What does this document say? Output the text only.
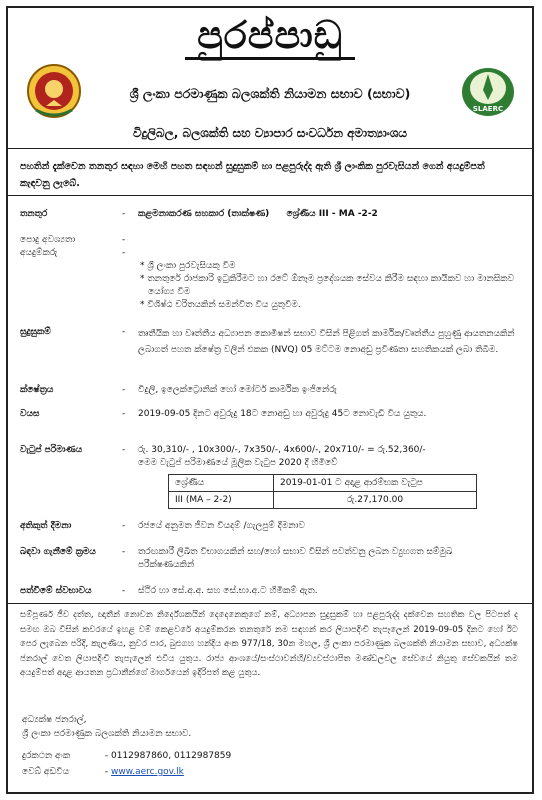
පුරප්පාඩු
ශ්‍රී ලංකා පරමාණුක බලශක්ති නියාමන සභාව (සභාව)
SLAERC
විදුලිබල, බලශක්ති සහ ව්‍යාපාර සංවර්ධන අමාත්‍යාංශය
පහතින් දැක්වෙන තනතුර සඳහා මෙහි පහත සඳහන් සුදුසුකම් හා පළපුරුද්ද ඇති ශ්‍රී ලාංකික පුරවැසියන් ගෙන් අයදුම්පත් කැඳවනු ලැබේ.
තනතුර	- කළමනාකරණ සහකාර (තාක්ෂණ) ශ්‍රේණිය III - MA -2-2
පොදු අවශ්‍යතා	-
අයදුම්කරු	-
* ශ්‍රී ලංකා පුරවැසියකු වීම
* තනතුරේ රාජකාරි ඉටුකිරීමට හා රටේ ඕනෑම ප්‍රදේශයක සේවය කිරීම සඳහා කායිකව හා මානසිකව යෝග්‍ය වීම
* විශිෂ්ඨ චරිතයකින් සමන්විත විය යුතුවීම.
සුදුසුකම්	- තෘතීයික හා වෘත්තීය අධ්‍යාපන කොමිෂන් සභාව විසින් පිළිගත් කාර්මික/වෘත්තීය පුහුණු ආයතනයකින් ලබාගත් පහත ක්ෂේත්‍ර වලින් එකක (NVQ) 05 මට්ටම නොඅඩු ප්‍රවීණතා සහතිකයක් ලබා තිබීම.
ක්ෂේත්‍රය	- විදුලි, ඉලෙක්ට්‍රොනික් හෝ මෝටර් කාර්මික ඉංජිනේරු
වයස	- 2019-09-05 දිනට අවුරුදු 18ට නොඅඩු හා අවුරුදු 45ට නොවැඩි විය යුතුය.
වැටුප් පරිමාණය	- රු. 30,310/- , 10x300/-, 7x350/-, 4x600/-, 20x710/- = රු.52,360/-
මෙම වැටුප් පරිමාණයේ මූලික වැටුප 2020 දී හිමිවේ
ශ්‍රේණිය	2019-01-01 ට අදාළ ආරම්භක වැටුප
III (MA – 2-2)	රු.27,170.00
අතිකුත් දීමනා	- රජයේ අනුමත ජීවන වියදම් /ගැලපුම් දීමනාව
බඳවා ගැනීමේ ක්‍රමය	- තරඟකාරී ලිඛිත විභාගයකින් සහ/හෝ සභාව විසින් පවත්වනු ලබන ව්‍යුහගත සම්මුඛ පරීක්ෂණයකින්
පත්වීමේ ස්වභාවය	- ස්ථිර හා සේ.අ.අ. සහ සේ.භා.අ.ට හිමිකම් ඇත.
සම්පූර්ණ ජීව දත්ත, ඥාතීන් නොවන නිර්දේශකයින් දෙදෙනෙකුගේ නම්, අධ්‍යාපන සුදුසුකම් හා පළපුරුද්ද දක්වෙන සහතික වල පිටපත් ද සමඟ ඔබ විසින් කවරයේ ඉහළ වම් කෙළවරේ අයදුම්කරන තනතුරේ නම සඳහන් කර ලියාපදිංචි තැපෑලෙන් 2019-09-05 දිනට හෝ ඊට පෙර ලැබෙන පරිදි, කැලණිය, නුවර පාර, බුළුගහ හන්දිය අංක 977/18, 30න මහල, ශ්‍රී ලංකා පරමාණුක බලශක්ති නියාමන සභාව, අධ්‍යක්ෂ ජනරාල් වෙත ලියාපදිංචි තැපැලෙන් එවිය යුතුය. රාජ්‍ය ආංශයේ/සංස්ථාවන්හි/ව්‍යවස්ථාපිත මණ්ඩලවල සේවයේ නියුතු සේවකයින් තම අයදුම්පත් අදාළ ආයතන ප්‍රධානීන්ගේ මාර්ගයෙන් ඉදිරිපත් කළ යුතුය.
අධ්‍යක්ෂ ජනරාල්,
ශ්‍රී ලංකා පරමාණුක බලශක්ති නියාමන සභාව.
දුරකථන අංක	- 0112987860, 0112987859
වෙබ් අඩවිය	- www.aerc.gov.lk
